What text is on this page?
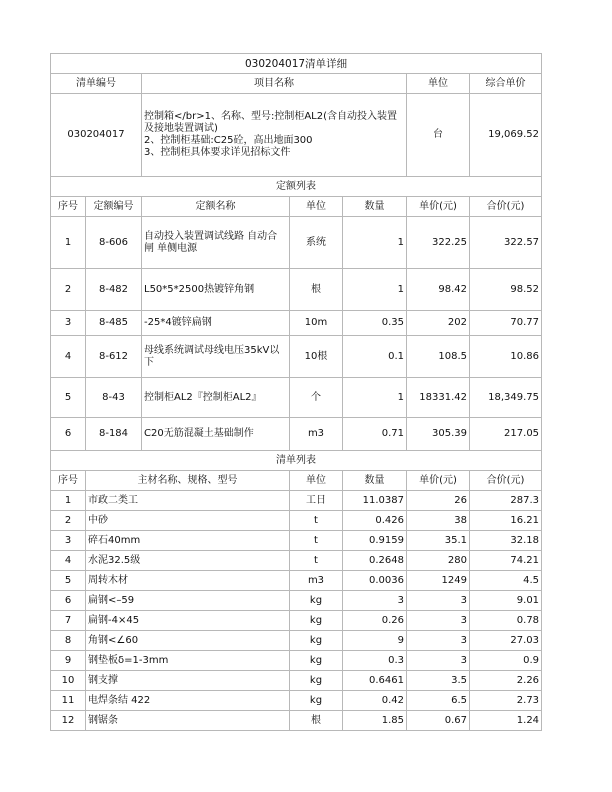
030204017清单详细						
清单编号		项目名称			单位	综合单价
030204017		控制箱</br>1、名称、型号:控制柜AL2(含自动投入装置及接地装置调试)
2、控制柜基础:C25砼，高出地面300
3、控制柜具体要求详见招标文件			台	19,069.52
定额列表						
序号	定额编号	定额名称	单位	数量	单价(元)	合价(元)
1	8-606	自动投入装置调试线路 自动合闸 单侧电源	系统	1	322.25	322.57
2	8-482	L50*5*2500热镀锌角钢	根	1	98.42	98.52
3	8-485	-25*4镀锌扁钢	10m	0.35	202	70.77
4	8-612	母线系统调试母线电压35kV以下	10根	0.1	108.5	10.86
5	8-43	控制柜AL2『控制柜AL2』	个	1	18331.42	18,349.75
6	8-184	C20无筋混凝土基础制作	m3	0.71	305.39	217.05
清单列表						
序号	主材名称、规格、型号		单位	数量	单价(元)	合价(元)
1	市政二类工		工日	11.0387	26	287.3
2	中砂		t	0.426	38	16.21
3	碎石40mm		t	0.9159	35.1	32.18
4	水泥32.5级		t	0.2648	280	74.21
5	周转木材		m3	0.0036	1249	4.5
6	扁钢<–59		kg	3	3	9.01
7	扁钢-4×45		kg	0.26	3	0.78
8	角钢<∠60		kg	9	3	27.03
9	钢垫板δ=1-3mm		kg	0.3	3	0.9
10	钢支撑		kg	0.6461	3.5	2.26
11	电焊条结 422		kg	0.42	6.5	2.73
12	钢锯条		根	1.85	0.67	1.24
